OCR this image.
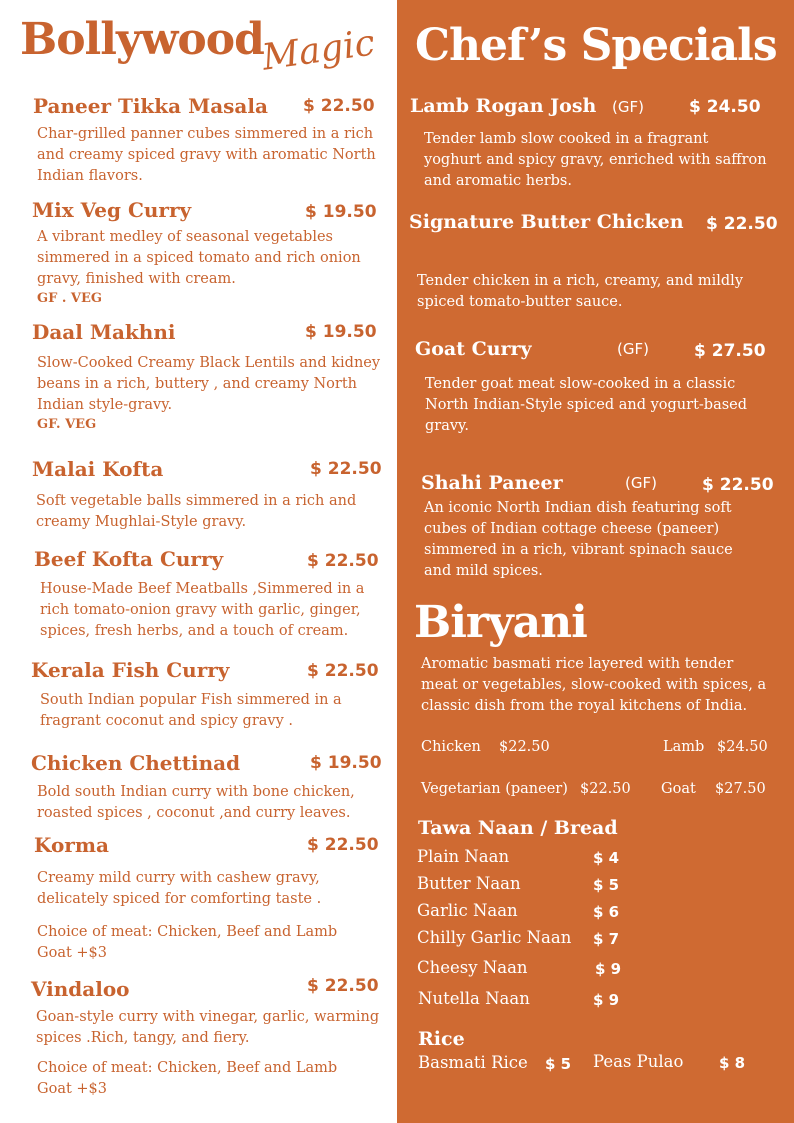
Bollywood
Magic
Paneer Tikka Masala $ 22.50
Char-grilled panner cubes simmered in a rich
and creamy spiced gravy with aromatic North
Indian flavors.
Mix Veg Curry	$ 19.50
A vibrant medley of seasonal vegetables
simmered in a spiced tomato and rich onion
gravy, finished with cream.
GF . VEG
Daal Makhni	$ 19.50
Slow-Cooked Creamy Black Lentils and kidney
beans in a rich, buttery , and creamy North
Indian style-gravy.
GF. VEG
Malai Kofta	$ 22.50
Soft vegetable balls simmered in a rich and
creamy Mughlai-Style gravy.
Beef Kofta Curry	$ 22.50
House-Made Beef Meatballs ,Simmered in a
rich tomato-onion gravy with garlic, ginger,
spices, fresh herbs, and a touch of cream.
Kerala Fish Curry	$ 22.50
South Indian popular Fish simmered in a
fragrant coconut and spicy gravy .
Chicken Chettinad	$ 19.50
Bold south Indian curry with bone chicken,
roasted spices , coconut ,and curry leaves.
Korma	$ 22.50
Creamy mild curry with cashew gravy,
delicately spiced for comforting taste .
Choice of meat: Chicken, Beef and Lamb
Goat +$3
Vindaloo	$ 22.50
Goan-style curry with vinegar, garlic, warming
spices .Rich, tangy, and fiery.
Choice of meat: Chicken, Beef and Lamb
Goat +$3
Chef’s Specials
Lamb Rogan Josh (GF)	$ 24.50
Tender lamb slow cooked in a fragrant
yoghurt and spicy gravy, enriched with saffron
and aromatic herbs.
Signature Butter Chicken $ 22.50
Tender chicken in a rich, creamy, and mildly
spiced tomato-butter sauce.
Goat Curry	(GF)	$ 27.50
Tender goat meat slow-cooked in a classic
North Indian-Style spiced and yogurt-based
gravy.
Shahi Paneer	(GF)	$ 22.50
An iconic North Indian dish featuring soft
cubes of Indian cottage cheese (paneer)
simmered in a rich, vibrant spinach sauce
and mild spices.
Biryani
Aromatic basmati rice layered with tender
meat or vegetables, slow-cooked with spices, a
classic dish from the royal kitchens of India.
Chicken $22.50	Lamb $24.50
Vegetarian (paneer) $22.50 Goat $27.50
Tawa Naan / Bread
Plain Naan	$ 4
Butter Naan	$ 5
Garlic Naan	$ 6
Chilly Garlic Naan $ 7
Cheesy Naan	$ 9
Nutella Naan	$ 9
Rice
Basmati Rice $ 5 Peas Pulao $ 8
